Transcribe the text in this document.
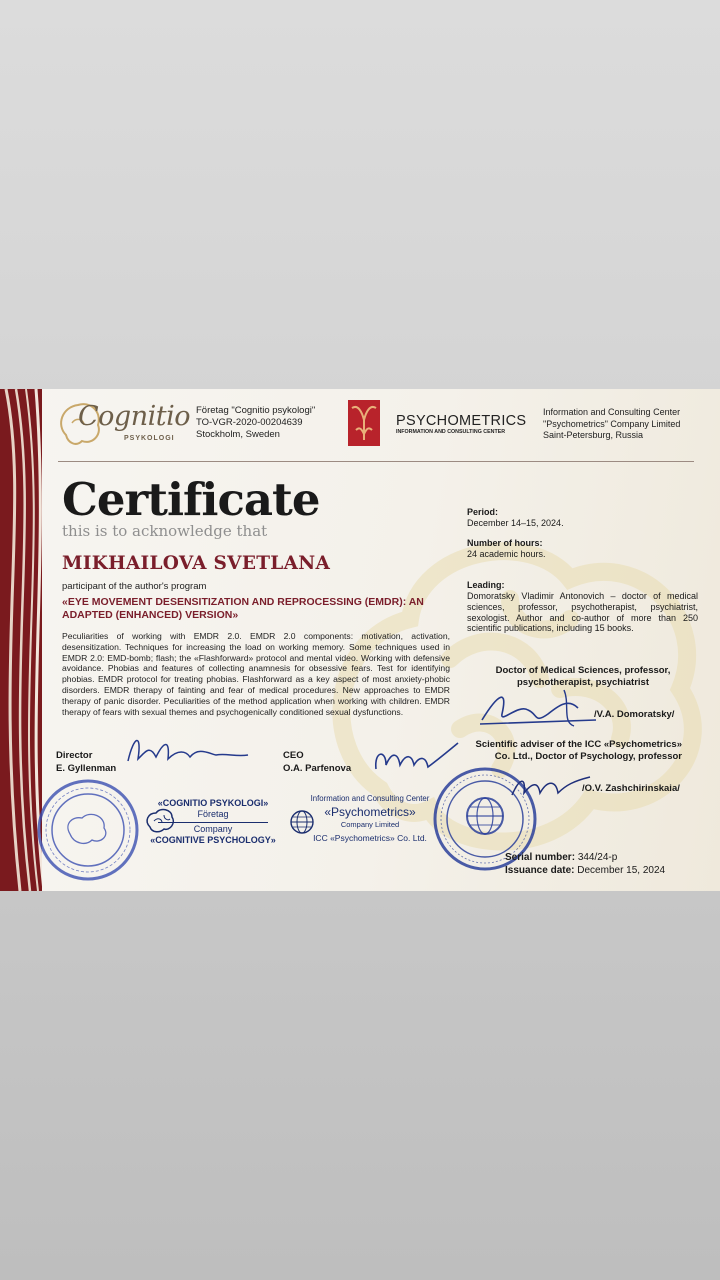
Cognitio
PSYKOLOGI
Företag "Cognitio psykologi"
TO-VGR-2020-00204639
Stockholm, Sweden
PSYCHOMETRICS
INFORMATION AND CONSULTING CENTER
Information and Consulting Center
"Psychometrics" Company Limited
Saint-Petersburg, Russia
Certificate
this is to acknowledge that
MIKHAILOVA SVETLANA
participant of the author's program
«EYE MOVEMENT DESENSITIZATION AND REPROCESSING (EMDR): AN ADAPTED (ENHANCED) VERSION»
Peculiarities of working with EMDR 2.0. EMDR 2.0 components: motivation, activation, desensitization. Techniques for increasing the load on working memory. Some techniques used in EMDR 2.0: EMD-bomb; flash; the «Flashforward» protocol and mental video. Working with defensive avoidance. Phobias and features of collecting anamnesis for obsessive fears. Test for identifying phobias. EMDR protocol for treating phobias. Flashforward as a key aspect of most anxiety-phobic disorders. EMDR therapy of fainting and fear of medical procedures. New approaches to EMDR therapy of panic disorder. Peculiarities of the method application when working with children. EMDR therapy of fears with sexual themes and psychogenically conditioned sexual dysfunctions.
Period:
December 14–15, 2024.
Number of hours:
24 academic hours.
Leading:
Domoratsky Vladimir Antonovich – doctor of medical sciences, professor, psychotherapist, psychiatrist, sexologist. Author and co-author of more than 250 scientific publications, including 15 books.
Doctor of Medical Sciences, professor, psychotherapist, psychiatrist
/V.A. Domoratsky/
Scientific adviser of the ICC «Psychometrics» Co. Ltd., Doctor of Psychology, professor
/O.V. Zashchirinskaia/
Director
E. Gyllenman
CEO
O.A. Parfenova
«COGNITIO PSYKOLOGI»
Företag
Company
«COGNITIVE PSYCHOLOGY»
Information and Consulting Center
«Psychometrics»
Company Limited
ICC «Psychometrics» Co. Ltd.
Serial number: 344/24-p
Issuance date: December 15, 2024
